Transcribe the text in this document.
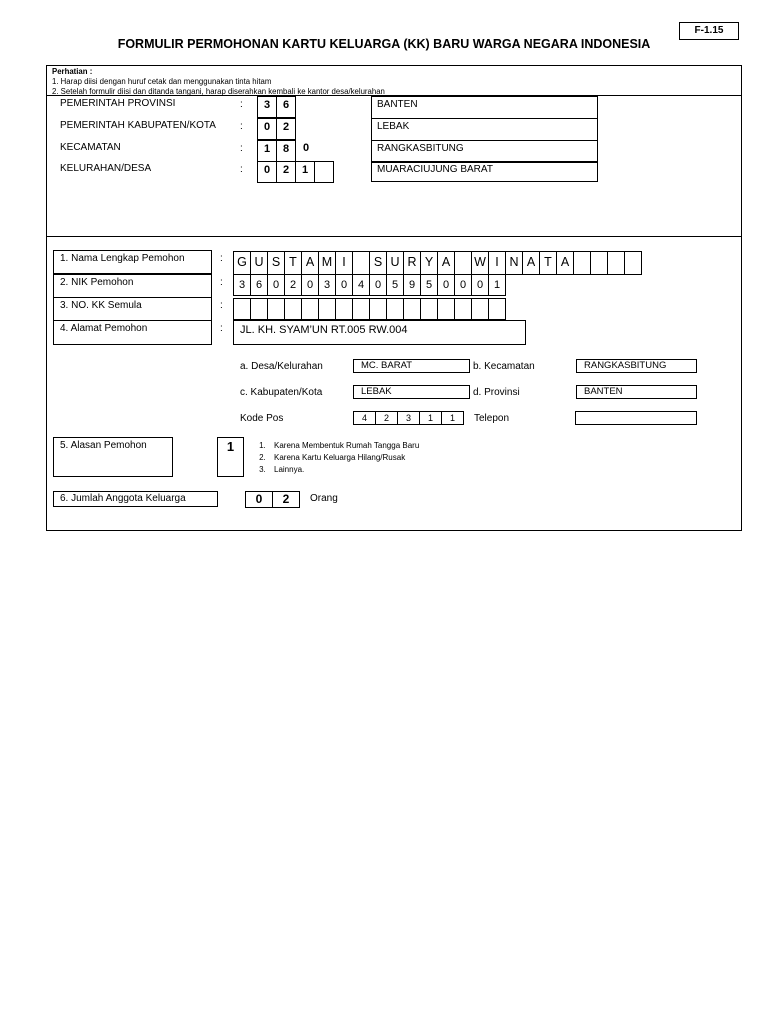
F-1.15
FORMULIR PERMOHONAN KARTU KELUARGA (KK) BARU WARGA NEGARA INDONESIA
Perhatian :
1. Harap diisi dengan huruf cetak dan menggunakan tinta hitam
2. Setelah formulir diisi dan ditanda tangani, harap diserahkan kembali ke kantor desa/kelurahan
PEMERINTAH PROVINSI	:	3	6	BANTEN
PEMERINTAH KABUPATEN/KOTA :	0	2	LEBAK
KECAMATAN	:	1	8	0	RANGKASBITUNG
KELURAHAN/DESA	:	0	2	1	MUARACIUJUNG BARAT
1. Nama Lengkap Pemohon	:	G U S T A M I	S U R Y A	W I N A T A
2. NIK Pemohon	:	3 6 0 2 0 3 0 4 0 5 9 5 0 0 0 1
3. NO. KK Semula	:
4. Alamat Pemohon	:	JL. KH. SYAM’UN RT.005 RW.004
a. Desa/Kelurahan	MC. BARAT	b. Kecamatan	RANGKASBITUNG
c. Kabupaten/Kota	LEBAK	d. Provinsi	BANTEN
Kode Pos	4	2	3	1	1	Telepon
5. Alasan Pemohon	1
1.	Karena Membentuk Rumah Tangga Baru
2. Karena Kartu Keluarga Hilang/Rusak
3. Lainnya.
6. Jumlah Anggota Keluarga	0	2	Orang
